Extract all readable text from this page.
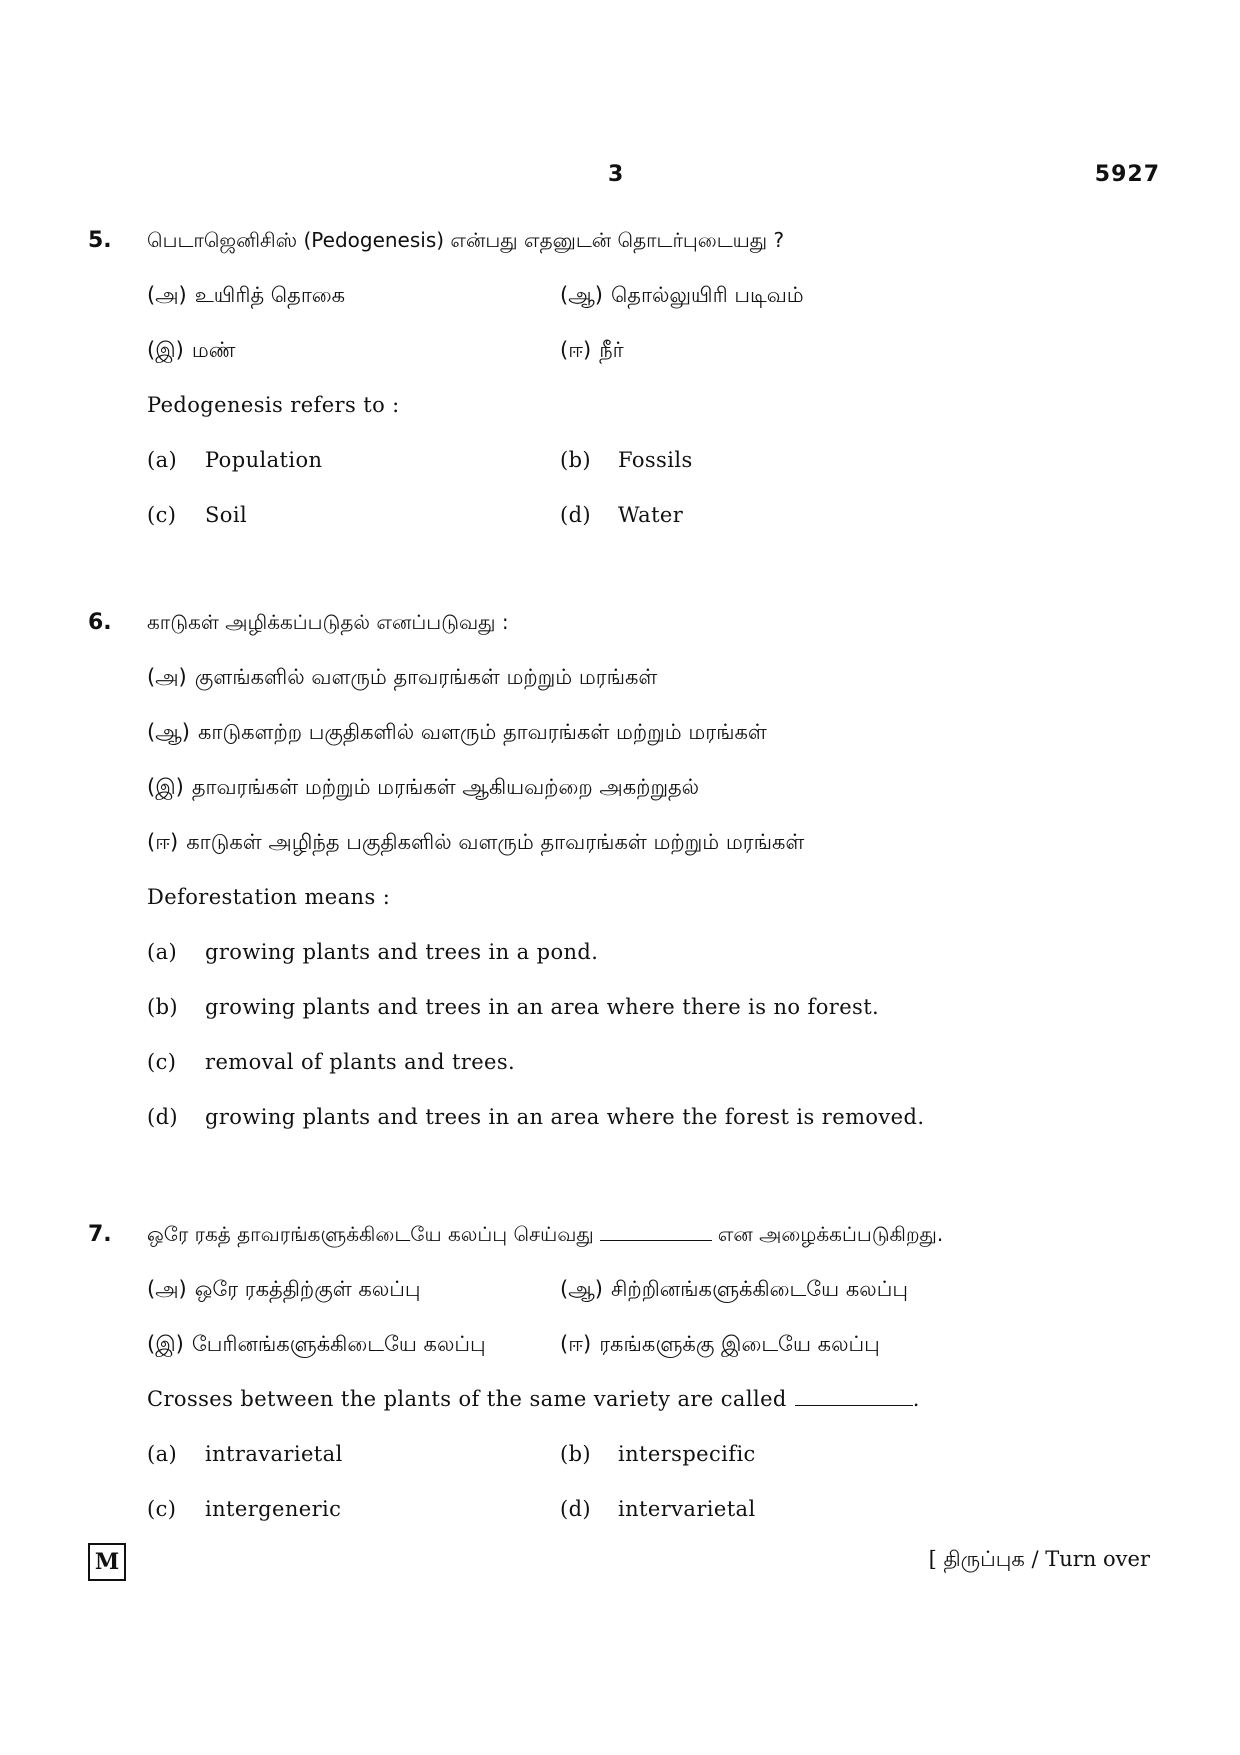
3	5927
5. பெடாஜெனிசிஸ் (Pedogenesis) என்பது எதனுடன் தொடர்புடையது ?
(அ) உயிரித் தொகை	(ஆ) தொல்லுயிரி படிவம்
(இ) மண்	(ஈ) நீர்
Pedogenesis refers to :
(a) Population	(b) Fossils
(c) Soil	(d) Water
6. காடுகள் அழிக்கப்படுதல் எனப்படுவது :
(அ) குளங்களில் வளரும் தாவரங்கள் மற்றும் மரங்கள்
(ஆ) காடுகளற்ற பகுதிகளில் வளரும் தாவரங்கள் மற்றும் மரங்கள்
(இ) தாவரங்கள் மற்றும் மரங்கள் ஆகியவற்றை அகற்றுதல்
(ஈ) காடுகள் அழிந்த பகுதிகளில் வளரும் தாவரங்கள் மற்றும் மரங்கள்
Deforestation means :
(a) growing plants and trees in a pond.
(b) growing plants and trees in an area where there is no forest.
(c) removal of plants and trees.
(d) growing plants and trees in an area where the forest is removed.
7. ஒரே ரகத் தாவரங்களுக்கிடையே கலப்பு செய்வது	என அழைக்கப்படுகிறது.
(அ) ஒரே ரகத்திற்குள் கலப்பு	(ஆ) சிற்றினங்களுக்கிடையே கலப்பு
(இ) பேரினங்களுக்கிடையே கலப்பு	(ஈ) ரகங்களுக்கு இடையே கலப்பு
Crosses between the plants of the same variety are called	.
(a) intravarietal	(b) interspecific
(c) intergeneric	(d) intervarietal
M	[ திருப்புக / Turn over
